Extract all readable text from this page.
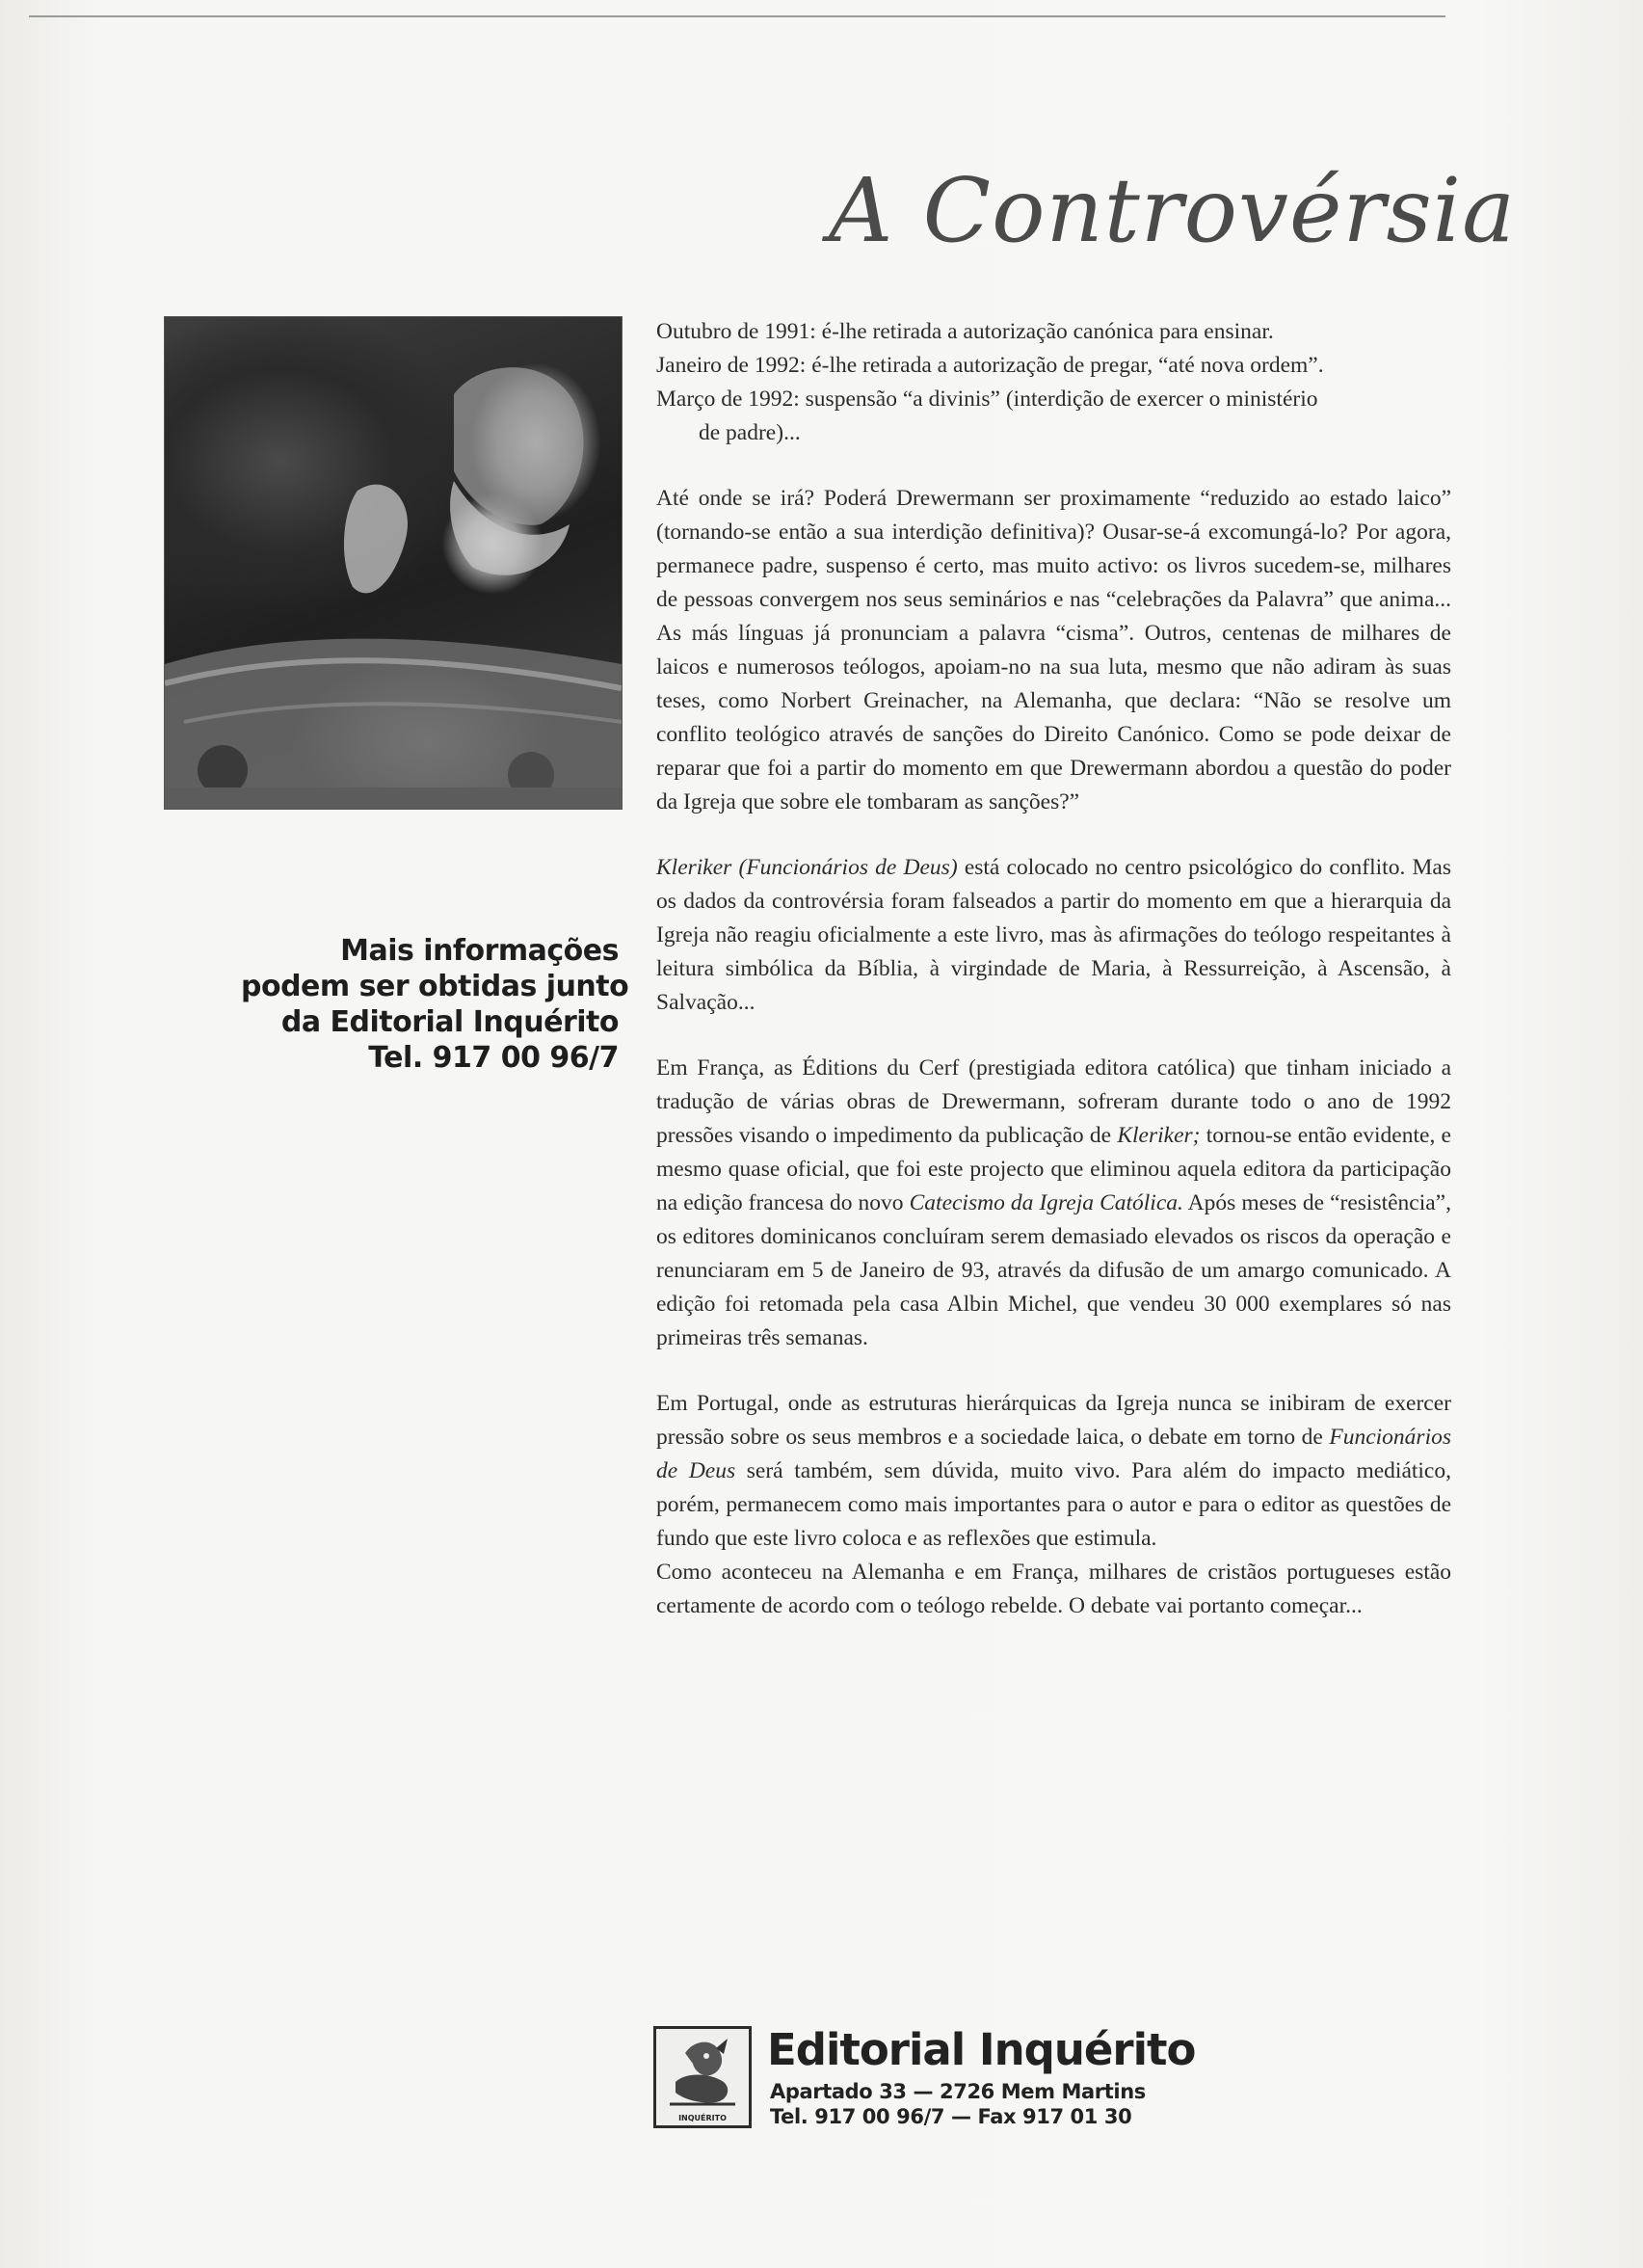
A Controvérsia
Mais informações
podem ser obtidas junto
da Editorial Inquérito
Tel. 917 00 96/7

Outubro de 1991: é-lhe retirada a autorização canónica para ensinar.

Janeiro de 1992: é-lhe retirada a autorização de pregar, “até nova ordem”.

Março de 1992: suspensão “a divinis” (interdição de exercer o ministério

de padre)...

Até onde se irá? Poderá Drewermann ser proximamente “reduzido ao estado laico” (tornando-se então a sua interdição definitiva)? Ousar-se-á excomungá-lo? Por agora, permanece padre, suspenso é certo, mas muito activo: os livros sucedem-se, milhares de pessoas convergem nos seus seminários e nas “celebrações da Palavra” que anima... As más línguas já pronunciam a palavra “cisma”. Outros, centenas de milhares de laicos e numerosos teólogos, apoiam-no na sua luta, mesmo que não adiram às suas teses, como Norbert Greinacher, na Alemanha, que declara: “Não se resolve um conflito teológico através de sanções do Direito Canónico. Como se pode deixar de reparar que foi a partir do momento em que Drewermann abordou a questão do poder da Igreja que sobre ele tombaram as sanções?”

Kleriker (Funcionários de Deus) está colocado no centro psicológico do conflito. Mas os dados da controvérsia foram falseados a partir do momento em que a hierarquia da Igreja não reagiu oficialmente a este livro, mas às afirmações do teólogo respeitantes à leitura simbólica da Bíblia, à virgindade de Maria, à Ressurreição, à Ascensão, à Salvação...

Em França, as Éditions du Cerf (prestigiada editora católica) que tinham iniciado a tradução de várias obras de Drewermann, sofreram durante todo o ano de 1992 pressões visando o impedimento da publicação de Kleriker; tornou-se então evidente, e mesmo quase oficial, que foi este projecto que eliminou aquela editora da participação na edição francesa do novo Catecismo da Igreja Católica. Após meses de “resistência”, os editores dominicanos concluíram serem demasiado elevados os riscos da operação e renunciaram em 5 de Janeiro de 93, através da difusão de um amargo comunicado. A edição foi retomada pela casa Albin Michel, que vendeu 30 000 exemplares só nas primeiras três semanas.

Em Portugal, onde as estruturas hierárquicas da Igreja nunca se inibiram de exercer pressão sobre os seus membros e a sociedade laica, o debate em torno de Funcionários de Deus será também, sem dúvida, muito vivo. Para além do impacto mediático, porém, permanecem como mais importantes para o autor e para o editor as questões de fundo que este livro coloca e as reflexões que estimula.

Como aconteceu na Alemanha e em França, milhares de cristãos portugueses estão certamente de acordo com o teólogo rebelde. O debate vai portanto começar...

INQUÉRITO
Editorial Inquérito
Apartado 33 — 2726 Mem Martins
Tel. 917 00 96/7 — Fax 917 01 30
